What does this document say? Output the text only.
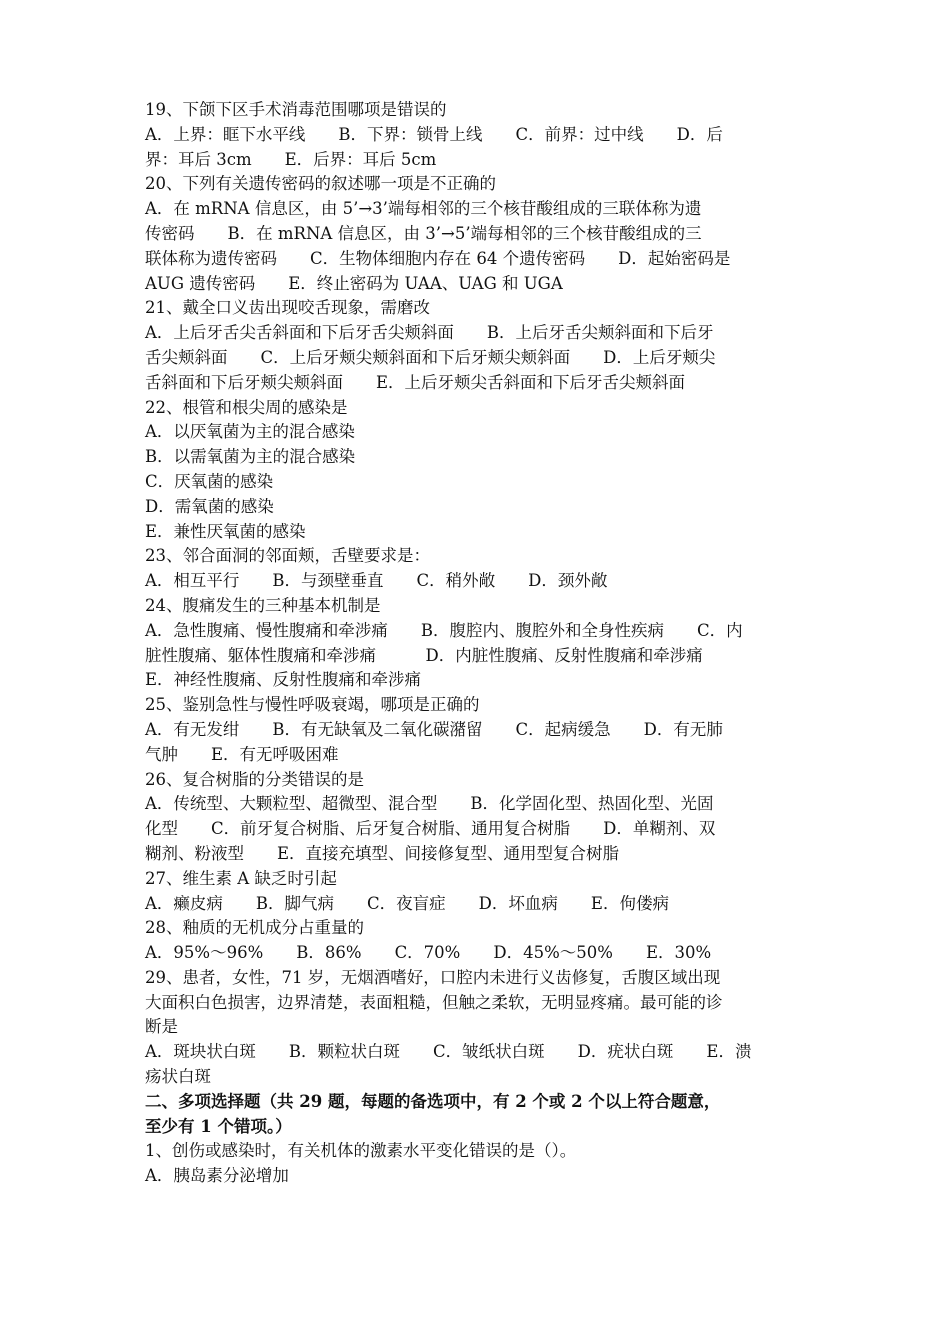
19、下颌下区手术消毒范围哪项是错误的
A．上界：眶下水平线　　B．下界：锁骨上线　　C．前界：过中线　　D．后
界：耳后 3cm　　E．后界：耳后 5cm
20、下列有关遗传密码的叙述哪一项是不正确的
A．在 mRNA 信息区，由 5’→3’端每相邻的三个核苷酸组成的三联体称为遗
传密码　　B．在 mRNA 信息区，由 3’→5’端每相邻的三个核苷酸组成的三
联体称为遗传密码　　C．生物体细胞内存在 64 个遗传密码　　D．起始密码是
AUG 遗传密码　　E．终止密码为 UAA、UAG 和 UGA
21、戴全口义齿出现咬舌现象，需磨改
A．上后牙舌尖舌斜面和下后牙舌尖颊斜面　　B．上后牙舌尖颊斜面和下后牙
舌尖颊斜面　　C．上后牙颊尖颊斜面和下后牙颊尖颊斜面　　D．上后牙颊尖
舌斜面和下后牙颊尖颊斜面　　E．上后牙颊尖舌斜面和下后牙舌尖颊斜面
22、根管和根尖周的感染是
A．以厌氧菌为主的混合感染
B．以需氧菌为主的混合感染
C．厌氧菌的感染
D．需氧菌的感染
E．兼性厌氧菌的感染
23、邻合面洞的邻面颊，舌壁要求是：
A．相互平行　　B．与颈壁垂直　　C．稍外敞　　D．颈外敞
24、腹痛发生的三种基本机制是
A．急性腹痛、慢性腹痛和牵涉痛　　B．腹腔内、腹腔外和全身性疾病　　C．内
脏性腹痛、躯体性腹痛和牵涉痛　　　D．内脏性腹痛、反射性腹痛和牵涉痛
E．神经性腹痛、反射性腹痛和牵涉痛
25、鉴别急性与慢性呼吸衰竭，哪项是正确的
A．有无发绀　　B．有无缺氧及二氧化碳潴留　　C．起病缓急　　D．有无肺
气肿　　E．有无呼吸困难
26、复合树脂的分类错误的是
A．传统型、大颗粒型、超微型、混合型　　B．化学固化型、热固化型、光固
化型　　C．前牙复合树脂、后牙复合树脂、通用复合树脂　　D．单糊剂、双
糊剂、粉液型　　E．直接充填型、间接修复型、通用型复合树脂
27、维生素 A 缺乏时引起
A．癞皮病　　B．脚气病　　C．夜盲症　　D．坏血病　　E．佝偻病
28、釉质的无机成分占重量的
A．95%～96%　　B．86%　　C．70%　　D．45%～50%　　E．30%
29、患者，女性，71 岁，无烟酒嗜好，口腔内未进行义齿修复，舌腹区域出现
大面积白色损害，边界清楚，表面粗糙，但触之柔软，无明显疼痛。最可能的诊
断是
A．斑块状白斑　　B．颗粒状白斑　　C．皱纸状白斑　　D．疣状白斑　　E．溃
疡状白斑
二、多项选择题（共 29 题，每题的备选项中，有 2 个或 2 个以上符合题意，
至少有 1 个错项。）
1、创伤或感染时，有关机体的激素水平变化错误的是（）。
A．胰岛素分泌增加
